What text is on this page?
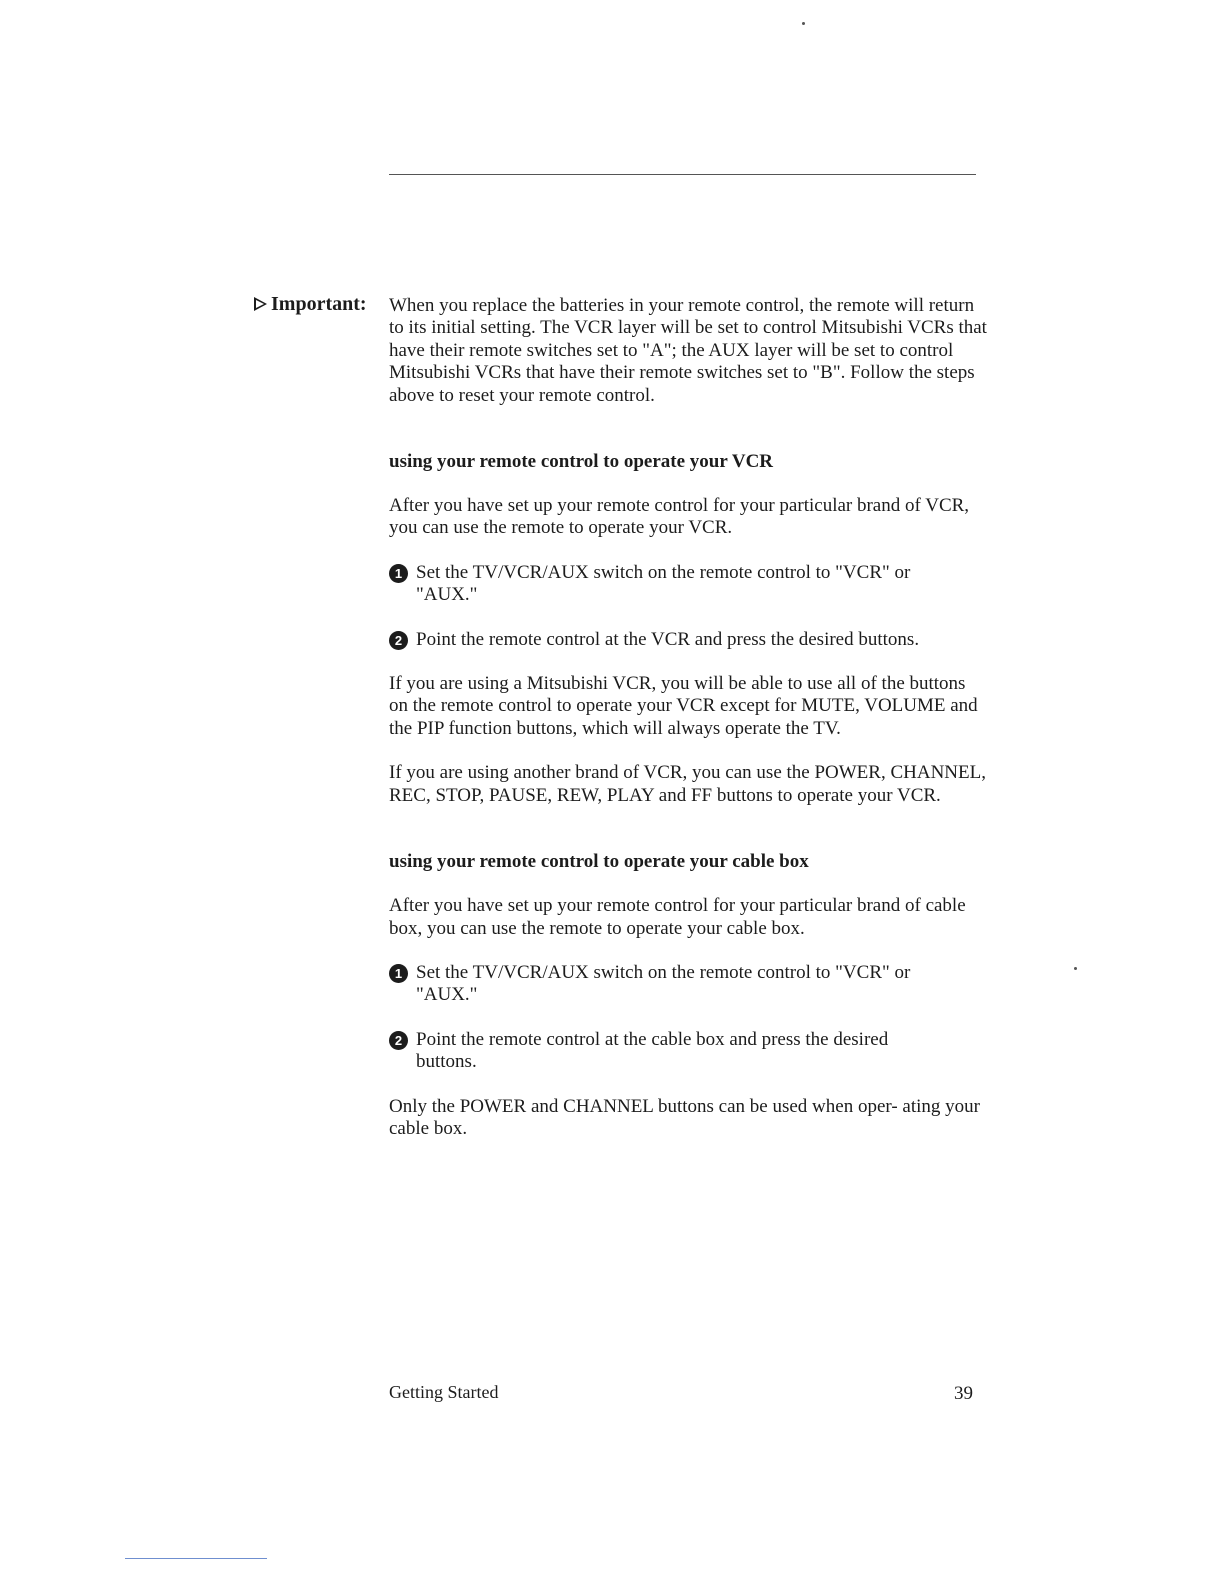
Important: When you replace the batteries in your remote control, the remote will return to its initial setting. The VCR layer will be set to control Mitsubishi VCRs that have their remote switches set to "A"; the AUX layer will be set to control Mitsubishi VCRs that have their remote switches set to "B". Follow the steps above to reset your remote control.

using your remote control to operate your VCR

After you have set up your remote control for your particular brand of VCR, you can use the remote to operate your VCR.

1 Set the TV/VCR/AUX switch on the remote control to "VCR" or "AUX."
2 Point the remote control at the VCR and press the desired buttons.

If you are using a Mitsubishi VCR, you will be able to use all of the buttons on the remote control to operate your VCR except for MUTE, VOLUME and the PIP function buttons, which will always operate the TV.

If you are using another brand of VCR, you can use the POWER, CHANNEL, REC, STOP, PAUSE, REW, PLAY and FF buttons to operate your VCR.

using your remote control to operate your cable box

After you have set up your remote control for your particular brand of cable box, you can use the remote to operate your cable box.

1 Set the TV/VCR/AUX switch on the remote control to "VCR" or "AUX."
2 Point the remote control at the cable box and press the desired buttons.

Only the POWER and CHANNEL buttons can be used when oper- ating your cable box.

Getting Started	39
